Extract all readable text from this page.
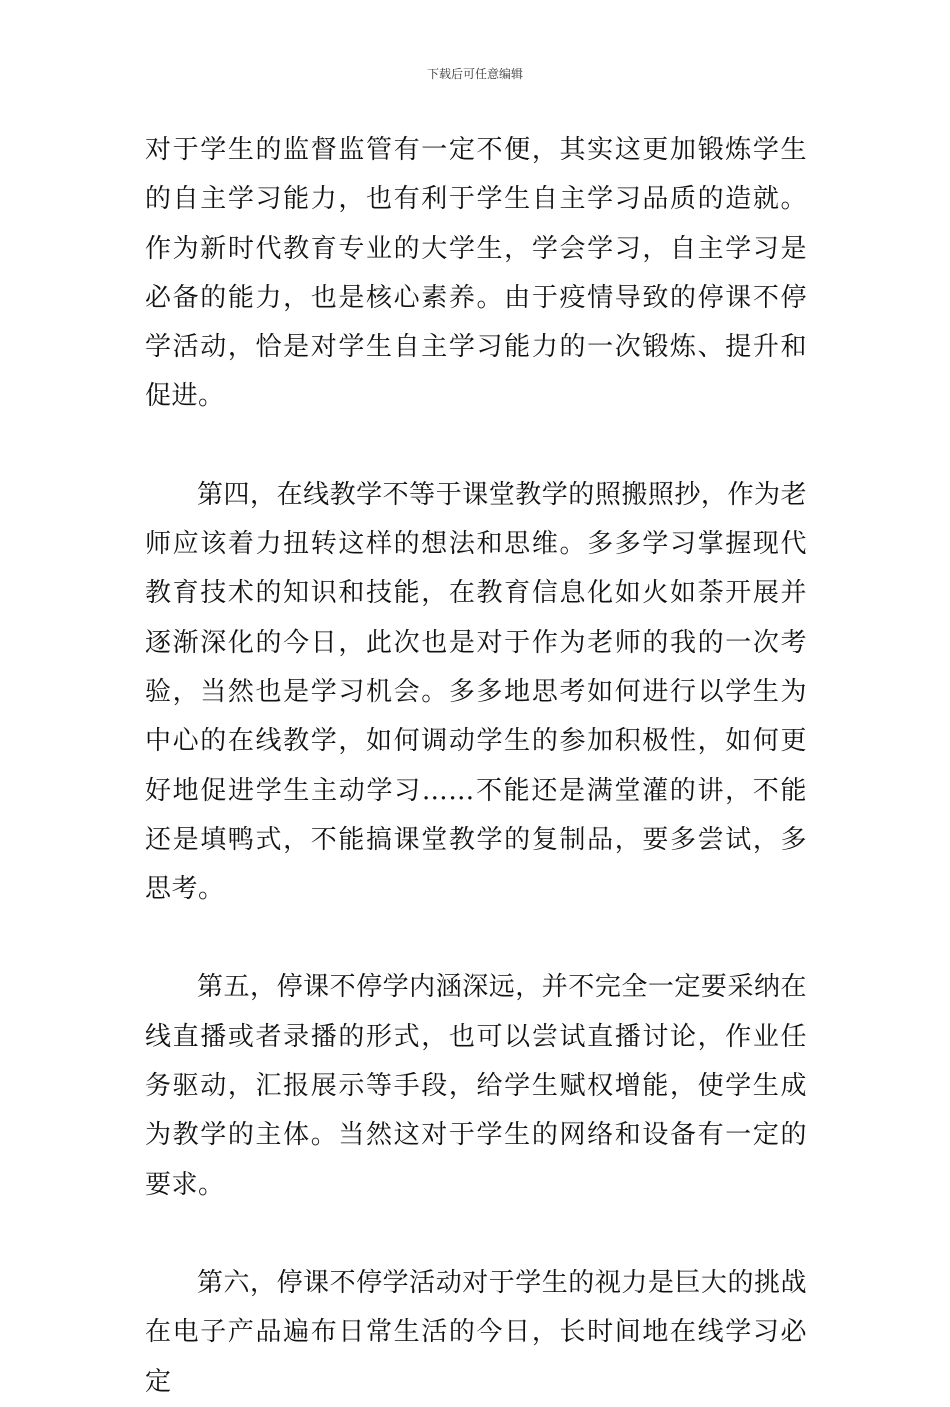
下载后可任意编辑

对于学生的监督监管有一定不便，其实这更加锻炼学生的自主学习能力，也有利于学生自主学习品质的造就。作为新时代教育专业的大学生，学会学习，自主学习是必备的能力，也是核心素养。由于疫情导致的停课不停学活动，恰是对学生自主学习能力的一次锻炼、提升和促进。

第四，在线教学不等于课堂教学的照搬照抄，作为老师应该着力扭转这样的想法和思维。多多学习掌握现代教育技术的知识和技能，在教育信息化如火如荼开展并逐渐深化的今日，此次也是对于作为老师的我的一次考验，当然也是学习机会。多多地思考如何进行以学生为中心的在线教学，如何调动学生的参加积极性，如何更好地促进学生主动学习……不能还是满堂灌的讲，不能还是填鸭式，不能搞课堂教学的复制品，要多尝试，多思考。

第五，停课不停学内涵深远，并不完全一定要采纳在线直播或者录播的形式，也可以尝试直播讨论，作业任务驱动，汇报展示等手段，给学生赋权增能，使学生成为教学的主体。当然这对于学生的网络和设备有一定的要求。

第六，停课不停学活动对于学生的视力是巨大的挑战在电子产品遍布日常生活的今日，长时间地在线学习必定
